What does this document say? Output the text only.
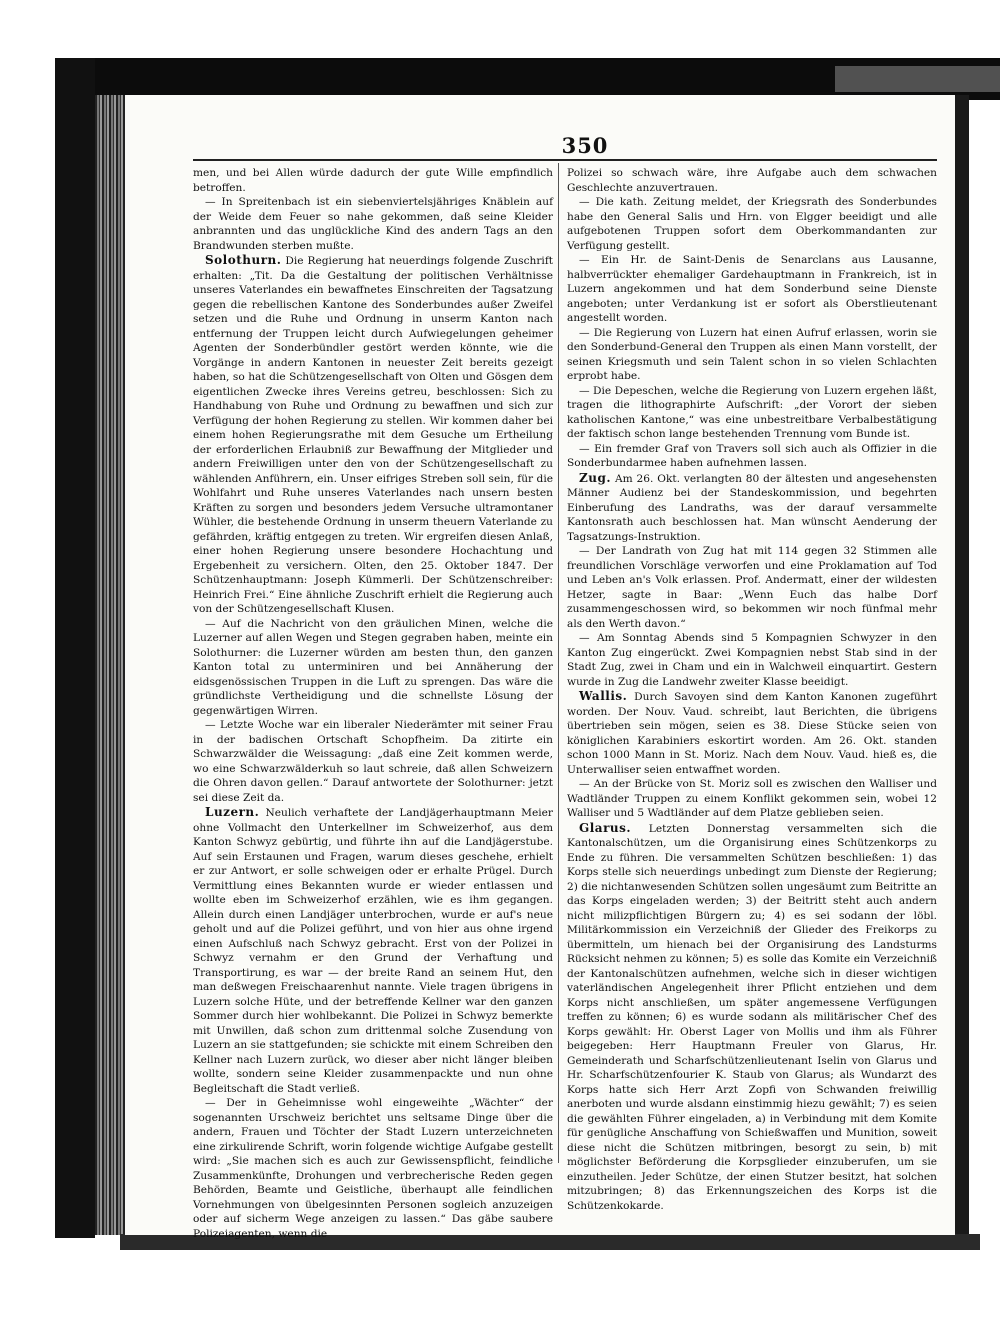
350

men, und bei Allen würde dadurch der gute Wille empfindlich betroffen.

— In Spreitenbach ist ein siebenviertelsjähriges Knäblein auf der Weide dem Feuer so nahe gekommen, daß seine Kleider anbrannten und das unglückliche Kind des andern Tags an den Brandwunden sterben mußte.

Solothurn. Die Regierung hat neuerdings folgende Zuschrift erhalten: „Tit. Da die Gestaltung der politischen Verhältnisse unseres Vaterlandes ein bewaffnetes Einschreiten der Tagsatzung gegen die rebellischen Kantone des Sonderbundes außer Zweifel setzen und die Ruhe und Ordnung in unserm Kanton nach entfernung der Truppen leicht durch Aufwiegelungen geheimer Agenten der Sonderbündler gestört werden könnte, wie die Vorgänge in andern Kantonen in neuester Zeit bereits gezeigt haben, so hat die Schützengesellschaft von Olten und Gösgen dem eigentlichen Zwecke ihres Vereins getreu, beschlossen: Sich zu Handhabung von Ruhe und Ordnung zu bewaffnen und sich zur Verfügung der hohen Regierung zu stellen. Wir kommen daher bei einem hohen Regierungsrathe mit dem Gesuche um Ertheilung der erforderlichen Erlaubniß zur Bewaffnung der Mitglieder und andern Freiwilligen unter den von der Schützengesellschaft zu wählenden Anführern, ein. Unser eifriges Streben soll sein, für die Wohlfahrt und Ruhe unseres Vaterlandes nach unsern besten Kräften zu sorgen und besonders jedem Versuche ultramontaner Wühler, die bestehende Ordnung in unserm theuern Vaterlande zu gefährden, kräftig entgegen zu treten. Wir ergreifen diesen Anlaß, einer hohen Regierung unsere besondere Hochachtung und Ergebenheit zu versichern. Olten, den 25. Oktober 1847. Der Schützenhauptmann: Joseph Kümmerli. Der Schützenschreiber: Heinrich Frei.“ Eine ähnliche Zuschrift erhielt die Regierung auch von der Schützengesellschaft Klusen.

— Auf die Nachricht von den gräulichen Minen, welche die Luzerner auf allen Wegen und Stegen gegraben haben, meinte ein Solothurner: die Luzerner würden am besten thun, den ganzen Kanton total zu unterminiren und bei Annäherung der eidsgenössischen Truppen in die Luft zu sprengen. Das wäre die gründlichste Vertheidigung und die schnellste Lösung der gegenwärtigen Wirren.

— Letzte Woche war ein liberaler Niederämter mit seiner Frau in der badischen Ortschaft Schopfheim. Da zitirte ein Schwarzwälder die Weissagung: „daß eine Zeit kommen werde, wo eine Schwarzwälderkuh so laut schreie, daß allen Schweizern die Ohren davon gellen.“ Darauf antwortete der Solothurner: jetzt sei diese Zeit da.

Luzern. Neulich verhaftete der Landjägerhauptmann Meier ohne Vollmacht den Unterkellner im Schweizerhof, aus dem Kanton Schwyz gebürtig, und führte ihn auf die Landjägerstube. Auf sein Erstaunen und Fragen, warum dieses geschehe, erhielt er zur Antwort, er solle schweigen oder er erhalte Prügel. Durch Vermittlung eines Bekannten wurde er wieder entlassen und wollte eben im Schweizerhof erzählen, wie es ihm gegangen. Allein durch einen Landjäger unterbrochen, wurde er auf's neue geholt und auf die Polizei geführt, und von hier aus ohne irgend einen Aufschluß nach Schwyz gebracht. Erst von der Polizei in Schwyz vernahm er den Grund der Verhaftung und Transportirung, es war — der breite Rand an seinem Hut, den man deßwegen Freischaarenhut nannte. Viele tragen übrigens in Luzern solche Hüte, und der betreffende Kellner war den ganzen Sommer durch hier wohlbekannt. Die Polizei in Schwyz bemerkte mit Unwillen, daß schon zum drittenmal solche Zusendung von Luzern an sie stattgefunden; sie schickte mit einem Schreiben den Kellner nach Luzern zurück, wo dieser aber nicht länger bleiben wollte, sondern seine Kleider zusammenpackte und nun ohne Begleitschaft die Stadt verließ.

— Der in Geheimnisse wohl eingeweihte „Wächter“ der sogenannten Urschweiz berichtet uns seltsame Dinge über die andern, Frauen und Töchter der Stadt Luzern unterzeichneten eine zirkulirende Schrift, worin folgende wichtige Aufgabe gestellt wird: „Sie machen sich es auch zur Gewissenspflicht, feindliche Zusammenkünfte, Drohungen und verbrecherische Reden gegen Behörden, Beamte und Geistliche, überhaupt alle feindlichen Vornehmungen von übelgesinnten Personen sogleich anzuzeigen oder auf sicherm Wege anzeigen zu lassen.“ Das gäbe saubere Polizeiagenten, wenn die

Polizei so schwach wäre, ihre Aufgabe auch dem schwachen Geschlechte anzuvertrauen.

— Die kath. Zeitung meldet, der Kriegsrath des Sonderbundes habe den General Salis und Hrn. von Elgger beeidigt und alle aufgebotenen Truppen sofort dem Oberkommandanten zur Verfügung gestellt.

— Ein Hr. de Saint-Denis de Senarclans aus Lausanne, halbverrückter ehemaliger Gardehauptmann in Frankreich, ist in Luzern angekommen und hat dem Sonderbund seine Dienste angeboten; unter Verdankung ist er sofort als Oberstlieutenant angestellt worden.

— Die Regierung von Luzern hat einen Aufruf erlassen, worin sie den Sonderbund-General den Truppen als einen Mann vorstellt, der seinen Kriegsmuth und sein Talent schon in so vielen Schlachten erprobt habe.

— Die Depeschen, welche die Regierung von Luzern ergehen läßt, tragen die lithographirte Aufschrift: „der Vorort der sieben katholischen Kantone,“ was eine unbestreitbare Verbalbestätigung der faktisch schon lange bestehenden Trennung vom Bunde ist.

— Ein fremder Graf von Travers soll sich auch als Offizier in die Sonderbundarmee haben aufnehmen lassen.

Zug. Am 26. Okt. verlangten 80 der ältesten und angesehensten Männer Audienz bei der Standeskommission, und begehrten Einberufung des Landraths, was der darauf versammelte Kantonsrath auch beschlossen hat. Man wünscht Aenderung der Tagsatzungs-Instruktion.

— Der Landrath von Zug hat mit 114 gegen 32 Stimmen alle freundlichen Vorschläge verworfen und eine Proklamation auf Tod und Leben an's Volk erlassen. Prof. Andermatt, einer der wildesten Hetzer, sagte in Baar: „Wenn Euch das halbe Dorf zusammengeschossen wird, so bekommen wir noch fünfmal mehr als den Werth davon.“

— Am Sonntag Abends sind 5 Kompagnien Schwyzer in den Kanton Zug eingerückt. Zwei Kompagnien nebst Stab sind in der Stadt Zug, zwei in Cham und ein in Walchweil einquartirt. Gestern wurde in Zug die Landwehr zweiter Klasse beeidigt.

Wallis. Durch Savoyen sind dem Kanton Kanonen zugeführt worden. Der Nouv. Vaud. schreibt, laut Berichten, die übrigens übertrieben sein mögen, seien es 38. Diese Stücke seien von königlichen Karabiniers eskortirt worden. Am 26. Okt. standen schon 1000 Mann in St. Moriz. Nach dem Nouv. Vaud. hieß es, die Unterwalliser seien entwaffnet worden.

— An der Brücke von St. Moriz soll es zwischen den Walliser und Wadtländer Truppen zu einem Konflikt gekommen sein, wobei 12 Walliser und 5 Wadtländer auf dem Platze geblieben seien.

Glarus. Letzten Donnerstag versammelten sich die Kantonalschützen, um die Organisirung eines Schützenkorps zu Ende zu führen. Die versammelten Schützen beschließen: 1) das Korps stelle sich neuerdings unbedingt zum Dienste der Regierung; 2) die nichtanwesenden Schützen sollen ungesäumt zum Beitritte an das Korps eingeladen werden; 3) der Beitritt steht auch andern nicht milizpflichtigen Bürgern zu; 4) es sei sodann der löbl. Militärkommission ein Verzeichniß der Glieder des Freikorps zu übermitteln, um hienach bei der Organisirung des Landsturms Rücksicht nehmen zu können; 5) es solle das Komite ein Verzeichniß der Kantonalschützen aufnehmen, welche sich in dieser wichtigen vaterländischen Angelegenheit ihrer Pflicht entziehen und dem Korps nicht anschließen, um später angemessene Verfügungen treffen zu können; 6) es wurde sodann als militärischer Chef des Korps gewählt: Hr. Oberst Lager von Mollis und ihm als Führer beigegeben: Herr Hauptmann Freuler von Glarus, Hr. Gemeinderath und Scharfschützenlieutenant Iselin von Glarus und Hr. Scharfschützenfourier K. Staub von Glarus; als Wundarzt des Korps hatte sich Herr Arzt Zopfi von Schwanden freiwillig anerboten und wurde alsdann einstimmig hiezu gewählt; 7) es seien die gewählten Führer eingeladen, a) in Verbindung mit dem Komite für genügliche Anschaffung von Schießwaffen und Munition, soweit diese nicht die Schützen mitbringen, besorgt zu sein, b) mit möglichster Beförderung die Korpsglieder einzuberufen, um sie einzutheilen. Jeder Schütze, der einen Stutzer besitzt, hat solchen mitzubringen; 8) das Erkennungszeichen des Korps ist die Schützenkokarde.
